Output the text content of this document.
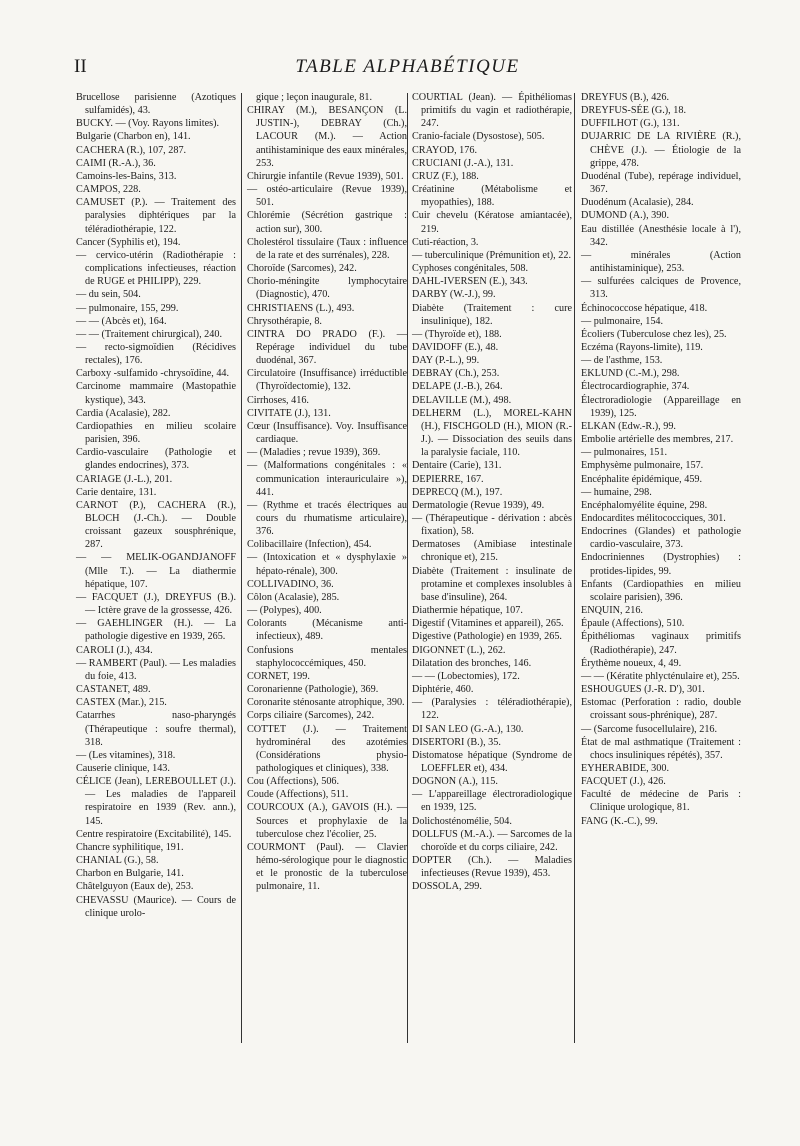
II	TABLE ALPHABÉTIQUE
Brucellose parisienne (Azotiques sulfamidés), 43.
BUCKY. — (Voy. Rayons limites).
Bulgarie (Charbon en), 141.
CACHERA (R.), 107, 287.
CAIMI (R.-A.), 36.
Camoins-les-Bains, 313.
CAMPOS, 228.
CAMUSET (P.). — Traitement des paralysies diphtériques par la téléradiothérapie, 122.
Cancer (Syphilis et), 194.
— cervico-utérin (Radiothérapie : complications infectieuses, réaction de RUGE et PHILIPP), 229.
— du sein, 504.
— pulmonaire, 155, 299.
— — (Abcès et), 164.
— — (Traitement chirurgical), 240.
— recto-sigmoïdien (Récidives rectales), 176.
Carboxy -sulfamido -chrysoïdine, 44.
Carcinome mammaire (Mastopathie kystique), 343.
Cardia (Acalasie), 282.
Cardiopathies en milieu scolaire parisien, 396.
Cardio-vasculaire (Pathologie et glandes endocrines), 373.
CARIAGE (J.-L.), 201.
Carie dentaire, 131.
CARNOT (P.), CACHERA (R.), BLOCH (J.-Ch.). — Double croissant gazeux sousphrénique, 287.
— — MELIK-OGANDJANOFF (Mlle T.). — La diathermie hépatique, 107.
— FACQUET (J.), DREYFUS (B.). — Ictère grave de la grossesse, 426.
— GAEHLINGER (H.). — La pathologie digestive en 1939, 265.
CAROLI (J.), 434.
— RAMBERT (Paul). — Les maladies du foie, 413.
CASTANET, 489.
CASTEX (Mar.), 215.
Catarrhes naso-pharyngés (Thérapeutique : soufre thermal), 318.
— (Les vitamines), 318.
Causerie clinique, 143.
CÉLICE (Jean), LEREBOULLET (J.). — Les maladies de l'appareil respiratoire en 1939 (Rev. ann.), 145.
Centre respiratoire (Excitabilité), 145.
Chancre syphilitique, 191.
CHANIAL (G.), 58.
Charbon en Bulgarie, 141.
Châtelguyon (Eaux de), 253.
CHEVASSU (Maurice). — Cours de clinique urolo-
gique ; leçon inaugurale, 81.
CHIRAY (M.), BESANÇON (L. JUSTIN-), DEBRAY (Ch.), LACOUR (M.). — Action antihistaminique des eaux minérales, 253.
Chirurgie infantile (Revue 1939), 501.
— ostéo-articulaire (Revue 1939), 501.
Chlorémie (Sécrétion gastrique : action sur), 300.
Cholestérol tissulaire (Taux : influence de la rate et des surrénales), 228.
Choroïde (Sarcomes), 242.
Chorio-méningite lymphocytaire (Diagnostic), 470.
CHRISTIAENS (L.), 493.
Chrysothérapie, 8.
CINTRA DO PRADO (F.). — Repérage individuel du tube duodénal, 367.
Circulatoire (Insuffisance) irréductible (Thyroïdectomie), 132.
Cirrhoses, 416.
CIVITATE (J.), 131.
Cœur (Insuffisance). Voy. Insuffisance cardiaque.
— (Maladies ; revue 1939), 369.
— (Malformations congénitales : « communication interauriculaire »), 441.
— (Rythme et tracés électriques au cours du rhumatisme articulaire), 376.
Colibacillaire (Infection), 454.
— (Intoxication et « dysphylaxie » hépato-rénale), 300.
COLLIVADINO, 36.
Côlon (Acalasie), 285.
— (Polypes), 400.
Colorants (Mécanisme anti-infectieux), 489.
Confusions mentales staphylococcémiques, 450.
CORNET, 199.
Coronarienne (Pathologie), 369.
Coronarite sténosante atrophique, 390.
Corps ciliaire (Sarcomes), 242.
COTTET (J.). — Traitement hydrominéral des azotémies (Considérations physio-pathologiques et cliniques), 338.
Cou (Affections), 506.
Coude (Affections), 511.
COURCOUX (A.), GAVOIS (H.). — Sources et prophylaxie de la tuberculose chez l'écolier, 25.
COURMONT (Paul). — Clavier hémo-sérologique pour le diagnostic et le pronostic de la tuberculose pulmonaire, 11.
COURTIAL (Jean). — Épithéliomas primitifs du vagin et radiothérapie, 247.
Cranio-faciale (Dysostose), 505.
CRAYOD, 176.
CRUCIANI (J.-A.), 131.
CRUZ (F.), 188.
Créatinine (Métabolisme et myopathies), 188.
Cuir chevelu (Kératose amiantacée), 219.
Cuti-réaction, 3.
— tuberculinique (Prémunition et), 22.
Cyphoses congénitales, 508.
DAHL-IVERSEN (E.), 343.
DARBY (W.-J.), 99.
Diabète (Traitement : cure insulinique), 182.
— (Thyroïde et), 188.
DAVIDOFF (E.), 48.
DAY (P.-L.), 99.
DEBRAY (Ch.), 253.
DELAPE (J.-B.), 264.
DELAVILLE (M.), 498.
DELHERM (L.), MOREL-KAHN (H.), FISCHGOLD (H.), MION (R.-J.). — Dissociation des seuils dans la paralysie faciale, 110.
Dentaire (Carie), 131.
DEPIERRE, 167.
DEPRECQ (M.), 197.
Dermatologie (Revue 1939), 49.
— (Thérapeutique - dérivation : abcès fixation), 58.
Dermatoses (Amibiase intestinale chronique et), 215.
Diabète (Traitement : insulinate de protamine et complexes insolubles à base d'insuline), 264.
Diathermie hépatique, 107.
Digestif (Vitamines et appareil), 265.
Digestive (Pathologie) en 1939, 265.
DIGONNET (L.), 262.
Dilatation des bronches, 146.
— — (Lobectomies), 172.
Diphtérie, 460.
— (Paralysies : téléradiothérapie), 122.
DI SAN LEO (G.-A.), 130.
DISERTORI (B.), 35.
Distomatose hépatique (Syndrome de LOEFFLER et), 434.
DOGNON (A.), 115.
— L'appareillage électroradiologique en 1939, 125.
Dolichosténomélie, 504.
DOLLFUS (M.-A.). — Sarcomes de la choroïde et du corps ciliaire, 242.
DOPTER (Ch.). — Maladies infectieuses (Revue 1939), 453.
DOSSOLA, 299.
DREYFUS (B.), 426.
DREYFUS-SÉE (G.), 18.
DUFFILHOT (G.), 131.
DUJARRIC DE LA RIVIÈRE (R.), CHÈVE (J.). — Étiologie de la grippe, 478.
Duodénal (Tube), repérage individuel, 367.
Duodénum (Acalasie), 284.
DUMOND (A.), 390.
Eau distillée (Anesthésie locale à l'), 342.
— minérales (Action antihistaminique), 253.
— sulfurées calciques de Provence, 313.
Échinococcose hépatique, 418.
— pulmonaire, 154.
Écoliers (Tuberculose chez les), 25.
Eczéma (Rayons-limite), 119.
— de l'asthme, 153.
EKLUND (C.-M.), 298.
Électrocardiographie, 374.
Électroradiologie (Appareillage en 1939), 125.
ELKAN (Edw.-R.), 99.
Embolie artérielle des membres, 217.
— pulmonaires, 151.
Emphysème pulmonaire, 157.
Encéphalite épidémique, 459.
— humaine, 298.
Encéphalomyélite équine, 298.
Endocardites mélitococciques, 301.
Endocrines (Glandes) et pathologie cardio-vasculaire, 373.
Endocriniennes (Dystrophies) : protides-lipides, 99.
Enfants (Cardiopathies en milieu scolaire parisien), 396.
ENQUIN, 216.
Épaule (Affections), 510.
Épithéliomas vaginaux primitifs (Radiothérapie), 247.
Érythème noueux, 4, 49.
— — (Kératite phlycténulaire et), 255.
ESHOUGUES (J.-R. D'), 301.
Estomac (Perforation : radio, double croissant sous-phrénique), 287.
— (Sarcome fusocellulaire), 216.
État de mal asthmatique (Traitement : chocs insuliniques répétés), 357.
EYHERABIDE, 300.
FACQUET (J.), 426.
Faculté de médecine de Paris : Clinique urologique, 81.
FANG (K.-C.), 99.
